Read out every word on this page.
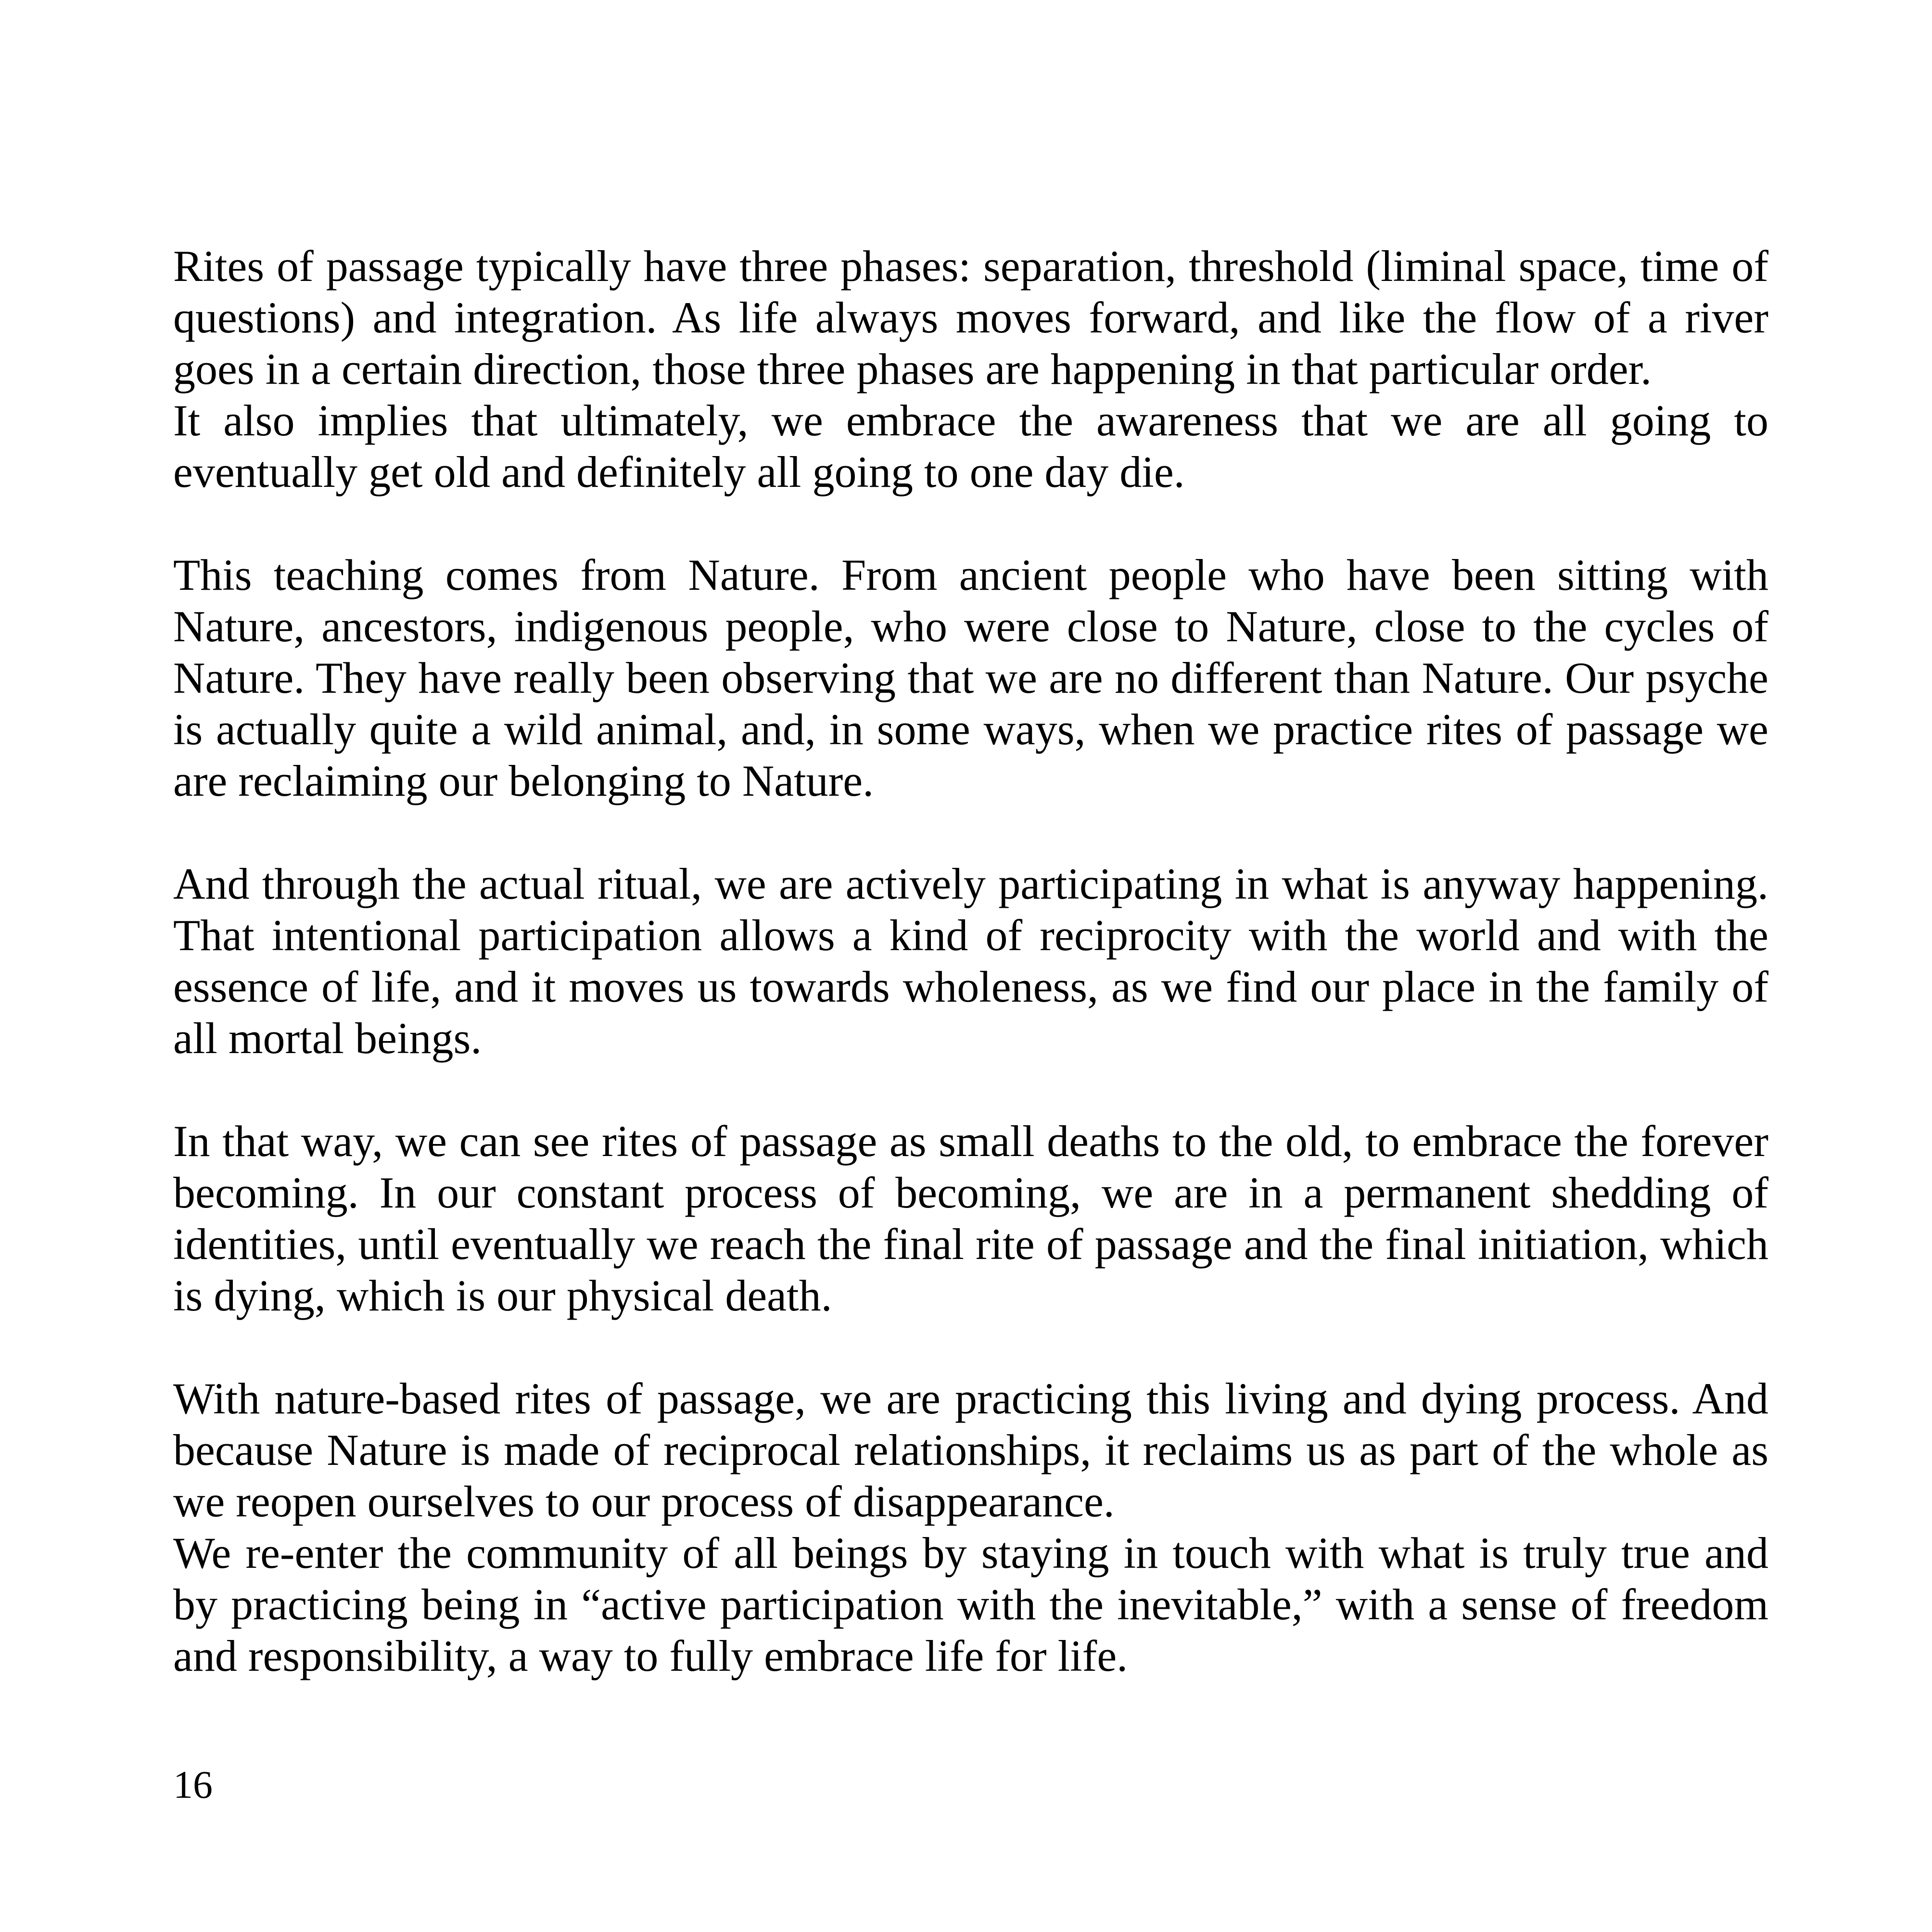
Rites of passage typically have three phases: separation, threshold (liminal space, time of questions) and integration. As life always moves forward, and like the flow of a river goes in a certain direction, those three phases are happening in that particular order.
It also implies that ultimately, we embrace the awareness that we are all going to eventually get old and definitely all going to one day die.

This teaching comes from Nature. From ancient people who have been sitting with Nature, ancestors, indigenous people, who were close to Nature, close to the cycles of Nature. They have really been observing that we are no different than Nature. Our psyche is actually quite a wild animal, and, in some ways, when we practice rites of passage we are reclaiming our belonging to Nature.

And through the actual ritual, we are actively participating in what is anyway happening. That intentional participation allows a kind of reciprocity with the world and with the essence of life, and it moves us towards wholeness, as we find our place in the family of all mortal beings.

In that way, we can see rites of passage as small deaths to the old, to embrace the forever becoming. In our constant process of becoming, we are in a permanent shedding of identities, until eventually we reach the final rite of passage and the final initiation, which is dying, which is our physical death.

With nature-based rites of passage, we are practicing this living and dying process. And because Nature is made of reciprocal relationships, it reclaims us as part of the whole as we reopen ourselves to our process of disappearance.
We re-enter the community of all beings by staying in touch with what is truly true and by practicing being in “active participation with the inevitable,” with a sense of freedom and responsibility, a way to fully embrace life for life.

16
